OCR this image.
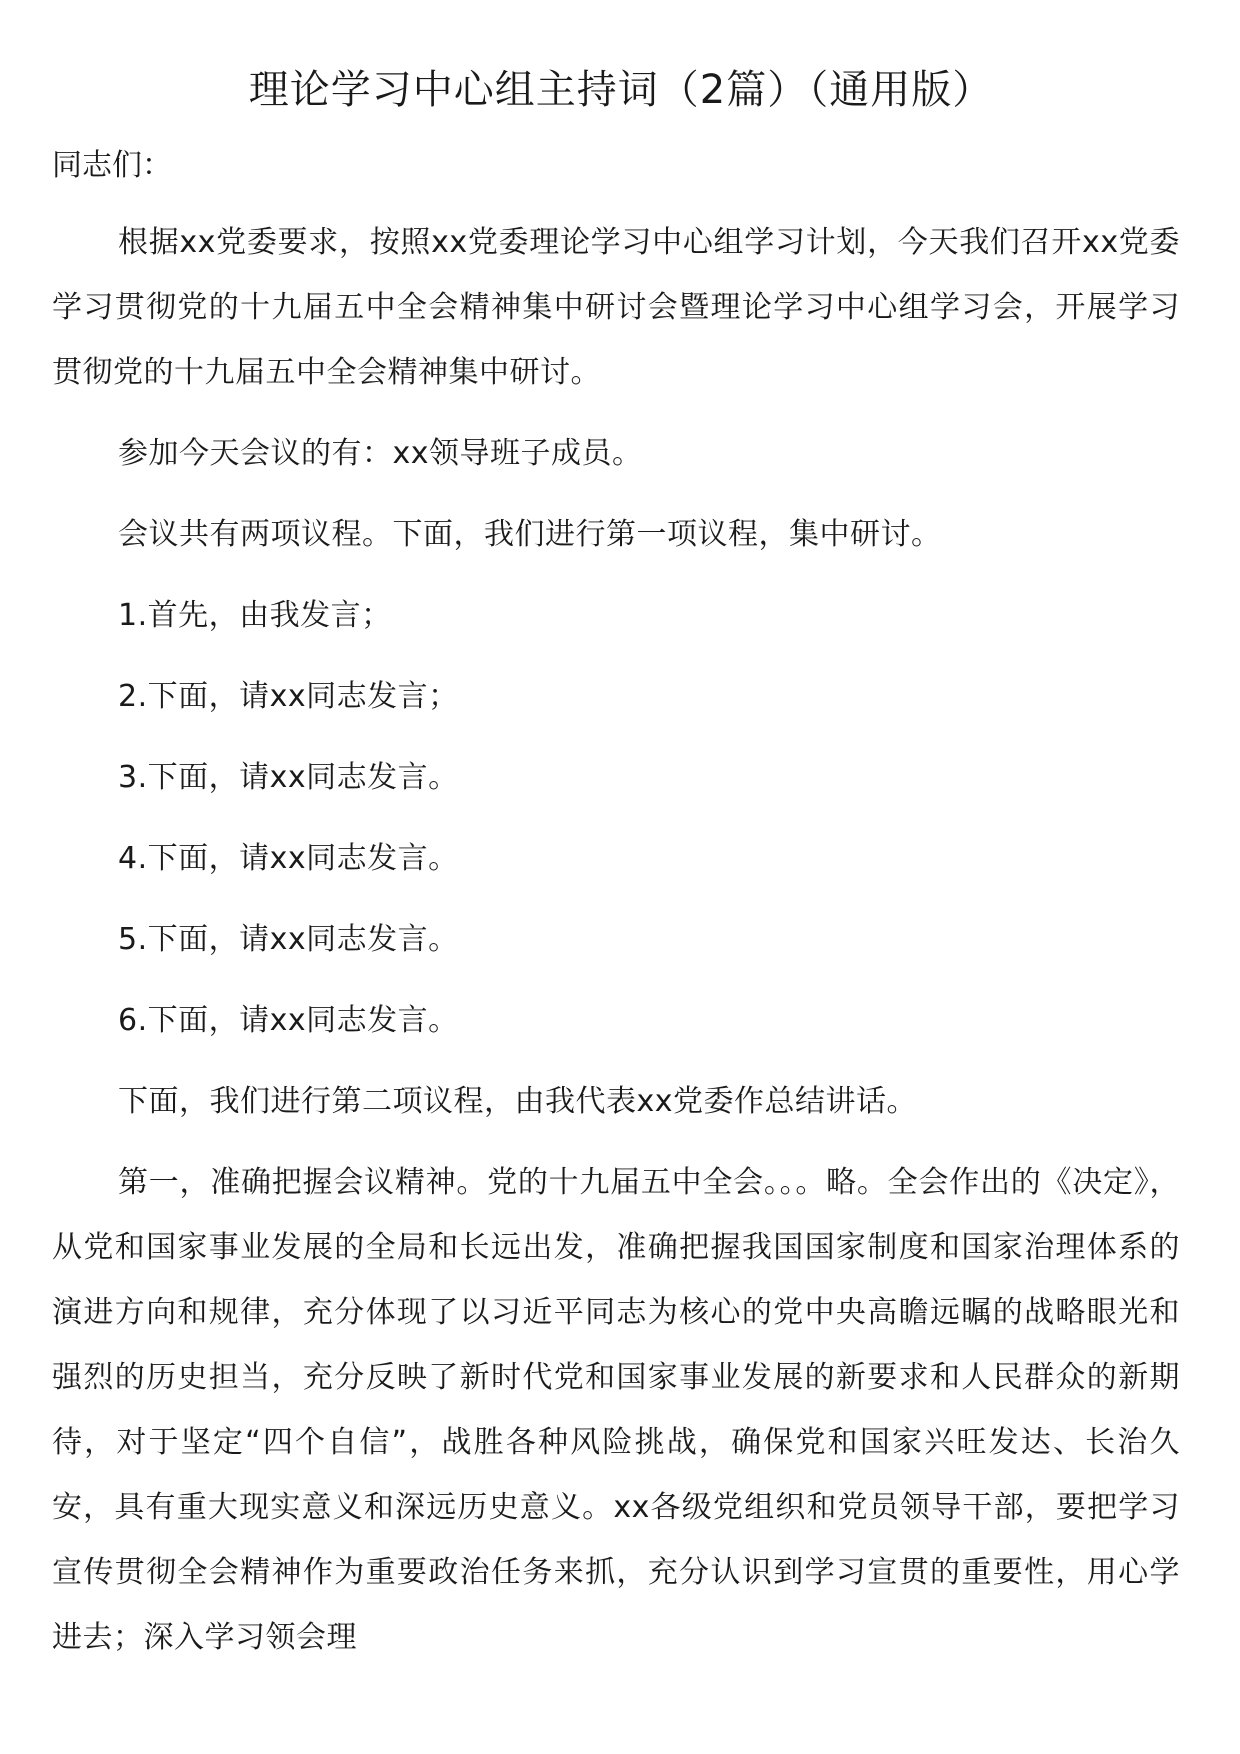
理论学习中心组主持词（2篇）（通用版）

同志们：

根据xx党委要求，按照xx党委理论学习中心组学习计划，今天我们召开xx党委学习贯彻党的十九届五中全会精神集中研讨会暨理论学习中心组学习会，开展学习贯彻党的十九届五中全会精神集中研讨。

参加今天会议的有：xx领导班子成员。

会议共有两项议程。下面，我们进行第一项议程，集中研讨。

1.首先，由我发言；

2.下面，请xx同志发言；

3.下面，请xx同志发言。

4.下面，请xx同志发言。

5.下面，请xx同志发言。

6.下面，请xx同志发言。

下面，我们进行第二项议程，由我代表xx党委作总结讲话。

第一，准确把握会议精神。党的十九届五中全会。。。略。全会作出的《决定》，从党和国家事业发展的全局和长远出发，准确把握我国国家制度和国家治理体系的演进方向和规律，充分体现了以习近平同志为核心的党中央高瞻远瞩的战略眼光和强烈的历史担当，充分反映了新时代党和国家事业发展的新要求和人民群众的新期待，对于坚定“四个自信”，战胜各种风险挑战，确保党和国家兴旺发达、长治久安，具有重大现实意义和深远历史意义。xx各级党组织和党员领导干部，要把学习宣传贯彻全会精神作为重要政治任务来抓，充分认识到学习宣贯的重要性，用心学进去；深入学习领会理
